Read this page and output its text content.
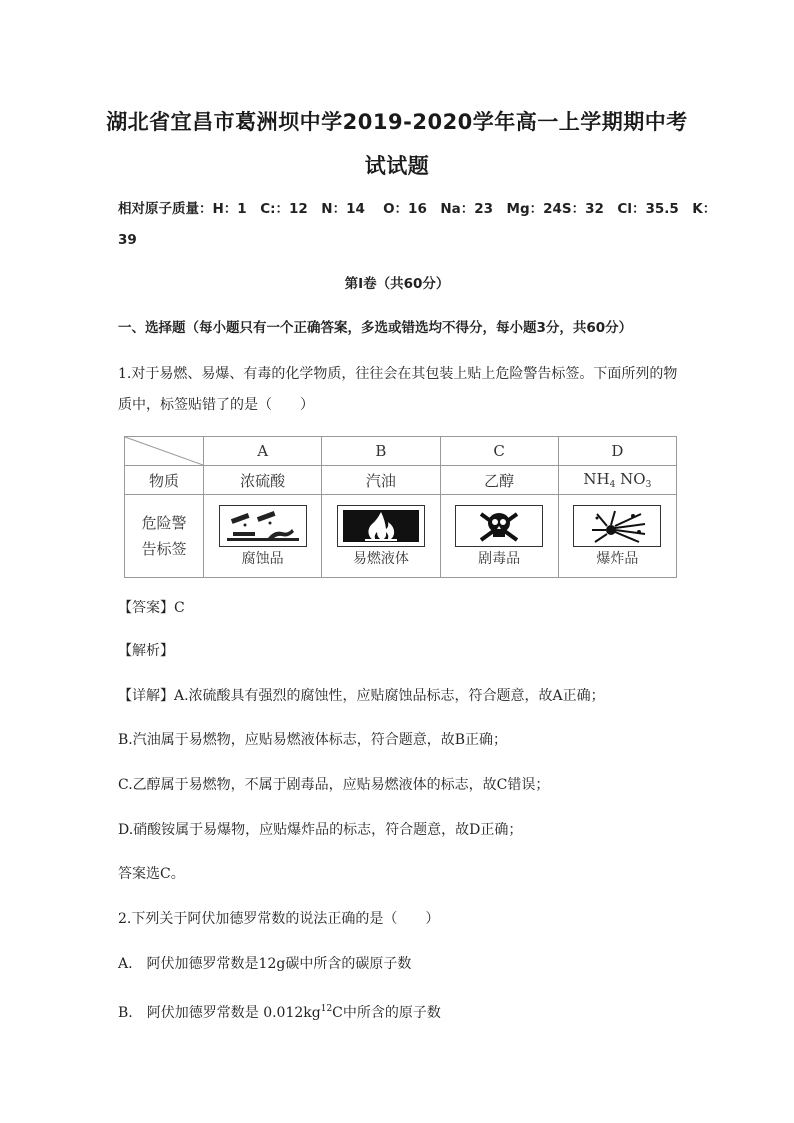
湖北省宜昌市葛洲坝中学2019-2020学年高一上学期期中考
试试题
相对原子质量：H：1　C:：12　N：14　 O：16　Na：23　Mg：24S：32　Cl：35.5　K：
39
第Ⅰ卷（共60分）
一、选择题（每小题只有一个正确答案，多选或错选均不得分，每小题3分，共60分）
1.对于易燃、易爆、有毒的化学物质，往往会在其包装上贴上危险警告标签。下面所列的物
质中，标签贴错了的是（　　）
	A	B	C	D
物质	浓硫酸	汽油	乙醇	$NH_4$ $NO_3$

危险警
告标签	腐蚀品	易燃液体	剧毒品	爆炸品
【答案】C
【解析】
【详解】A.浓硫酸具有强烈的腐蚀性，应贴腐蚀品标志，符合题意，故A正确；
B.汽油属于易燃物，应贴易燃液体标志，符合题意，故B正确；
C.乙醇属于易燃物，不属于剧毒品，应贴易燃液体的标志，故C错误；
D.硝酸铵属于易爆物，应贴爆炸品的标志，符合题意，故D正确；
答案选C。
2.下列关于阿伏加德罗常数的说法正确的是（　　）
A.　阿伏加德罗常数是12g碳中所含的碳原子数
B.　阿伏加德罗常数是 $0.012kg^{12}C$中所含的原子数
